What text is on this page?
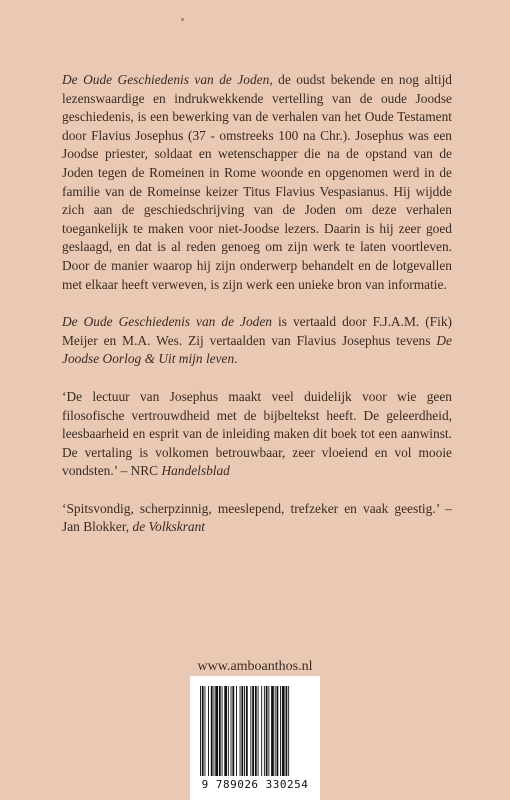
De Oude Geschiedenis van de Joden, de oudst bekende en nog altijd lezenswaardige en indrukwekkende vertelling van de oude Joodse geschiedenis, is een bewerking van de verhalen van het Oude Testament door Flavius Josephus (37 - omstreeks 100 na Chr.). Josephus was een Joodse priester, soldaat en wetenschapper die na de opstand van de Joden tegen de Romeinen in Rome woonde en opgenomen werd in de familie van de Romeinse keizer Titus Flavius Vespasianus. Hij wijdde zich aan de geschiedschrijving van de Joden om deze verhalen toegankelijk te maken voor niet-Joodse lezers. Daarin is hij zeer goed geslaagd, en dat is al reden genoeg om zijn werk te laten voortleven. Door de manier waarop hij zijn onderwerp behandelt en de lotgevallen met elkaar heeft verweven, is zijn werk een unieke bron van informatie.

De Oude Geschiedenis van de Joden is vertaald door F.J.A.M. (Fik) Meijer en M.A. Wes. Zij vertaalden van Flavius Josephus tevens De Joodse Oorlog & Uit mijn leven.

‘De lectuur van Josephus maakt veel duidelijk voor wie geen filosofische vertrouwdheid met de bijbeltekst heeft. De geleerdheid, leesbaarheid en esprit van de inleiding maken dit boek tot een aanwinst. De vertaling is volkomen betrouwbaar, zeer vloeiend en vol mooie vondsten.’ – NRC Handelsblad

‘Spitsvondig, scherpzinnig, meeslepend, trefzeker en vaak geestig.’ – Jan Blokker, de Volkskrant

www.amboanthos.nl
9 789026 330254
